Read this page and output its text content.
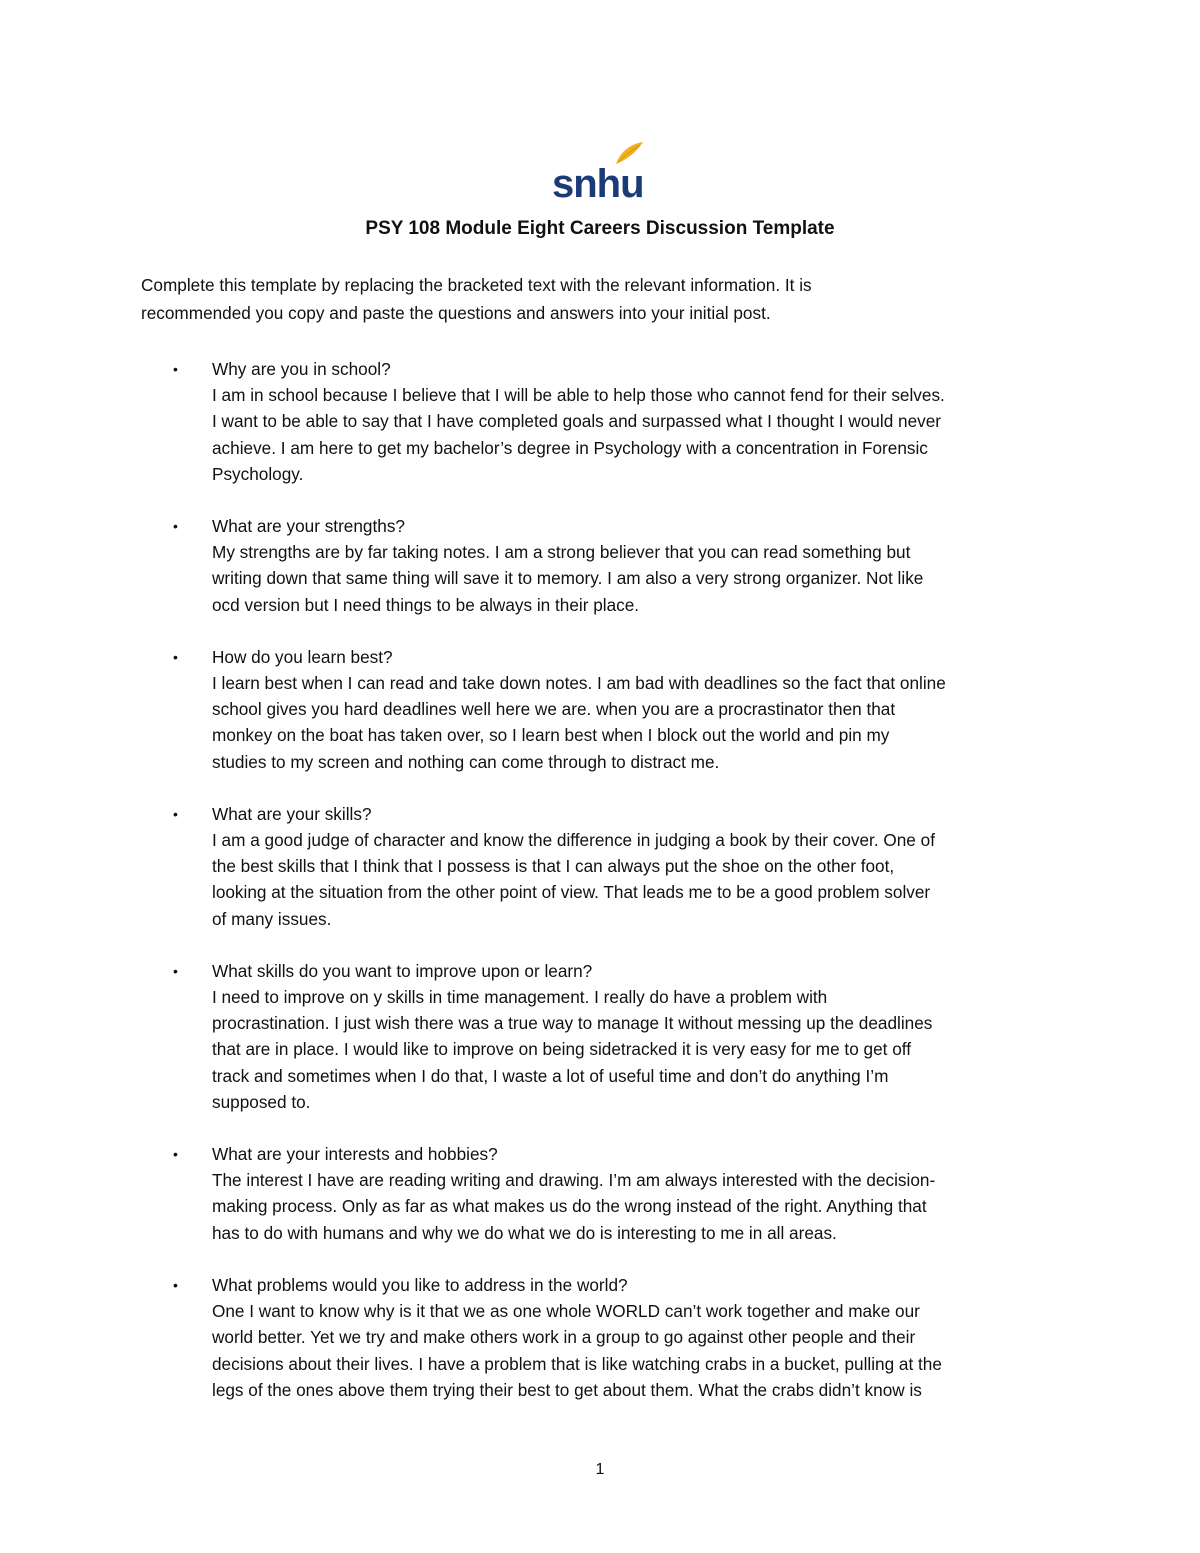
snhu
PSY 108 Module Eight Careers Discussion Template

Complete this template by replacing the bracketed text with the relevant information. It is

recommended you copy and paste the questions and answers into your initial post.

• Why are you in school?
I am in school because I believe that I will be able to help those who cannot fend for their selves.
I want to be able to say that I have completed goals and surpassed what I thought I would never
achieve. I am here to get my bachelor’s degree in Psychology with a concentration in Forensic
Psychology.
• What are your strengths?
My strengths are by far taking notes. I am a strong believer that you can read something but
writing down that same thing will save it to memory. I am also a very strong organizer. Not like
ocd version but I need things to be always in their place.
• How do you learn best?
I learn best when I can read and take down notes. I am bad with deadlines so the fact that online
school gives you hard deadlines well here we are. when you are a procrastinator then that
monkey on the boat has taken over, so I learn best when I block out the world and pin my
studies to my screen and nothing can come through to distract me.
• What are your skills?
I am a good judge of character and know the difference in judging a book by their cover. One of
the best skills that I think that I possess is that I can always put the shoe on the other foot,
looking at the situation from the other point of view. That leads me to be a good problem solver
of many issues.
• What skills do you want to improve upon or learn?
I need to improve on y skills in time management. I really do have a problem with
procrastination. I just wish there was a true way to manage It without messing up the deadlines
that are in place. I would like to improve on being sidetracked it is very easy for me to get off
track and sometimes when I do that, I waste a lot of useful time and don’t do anything I’m
supposed to.
• What are your interests and hobbies?
The interest I have are reading writing and drawing. I’m am always interested with the decision-
making process. Only as far as what makes us do the wrong instead of the right. Anything that
has to do with humans and why we do what we do is interesting to me in all areas.
• What problems would you like to address in the world?
One I want to know why is it that we as one whole WORLD can’t work together and make our
world better. Yet we try and make others work in a group to go against other people and their
decisions about their lives. I have a problem that is like watching crabs in a bucket, pulling at the
legs of the ones above them trying their best to get about them. What the crabs didn’t know is
1
